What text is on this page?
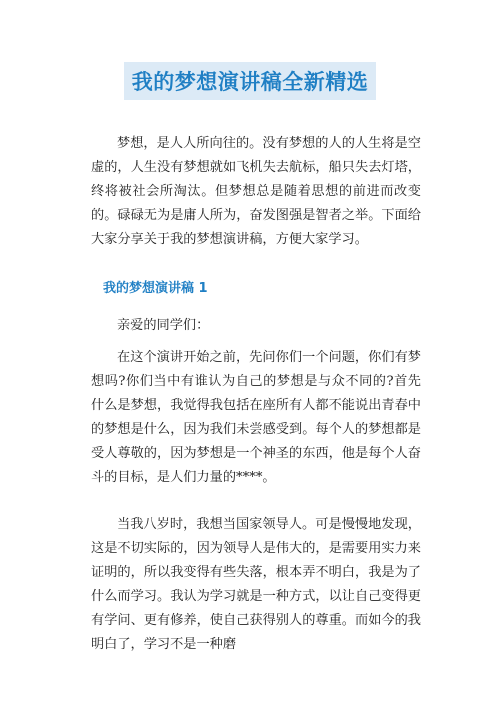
我的梦想演讲稿全新精选

梦想，是人人所向往的。没有梦想的人的人生将是空虚的，人生没有梦想就如飞机失去航标，船只失去灯塔，终将被社会所淘汰。但梦想总是随着思想的前进而改变的。碌碌无为是庸人所为，奋发图强是智者之举。下面给大家分享关于我的梦想演讲稿，方便大家学习。

我的梦想演讲稿 1

亲爱的同学们：

在这个演讲开始之前，先问你们一个问题，你们有梦想吗?你们当中有谁认为自己的梦想是与众不同的?首先什么是梦想，我觉得我包括在座所有人都不能说出青春中的梦想是什么，因为我们未尝感受到。每个人的梦想都是受人尊敬的，因为梦想是一个神圣的东西，他是每个人奋斗的目标，是人们力量的****。

当我八岁时，我想当国家领导人。可是慢慢地发现，这是不切实际的，因为领导人是伟大的，是需要用实力来证明的，所以我变得有些失落，根本弄不明白，我是为了什么而学习。我认为学习就是一种方式，以让自己变得更有学问、更有修养，使自己获得别人的尊重。而如今的我明白了，学习不是一种磨
